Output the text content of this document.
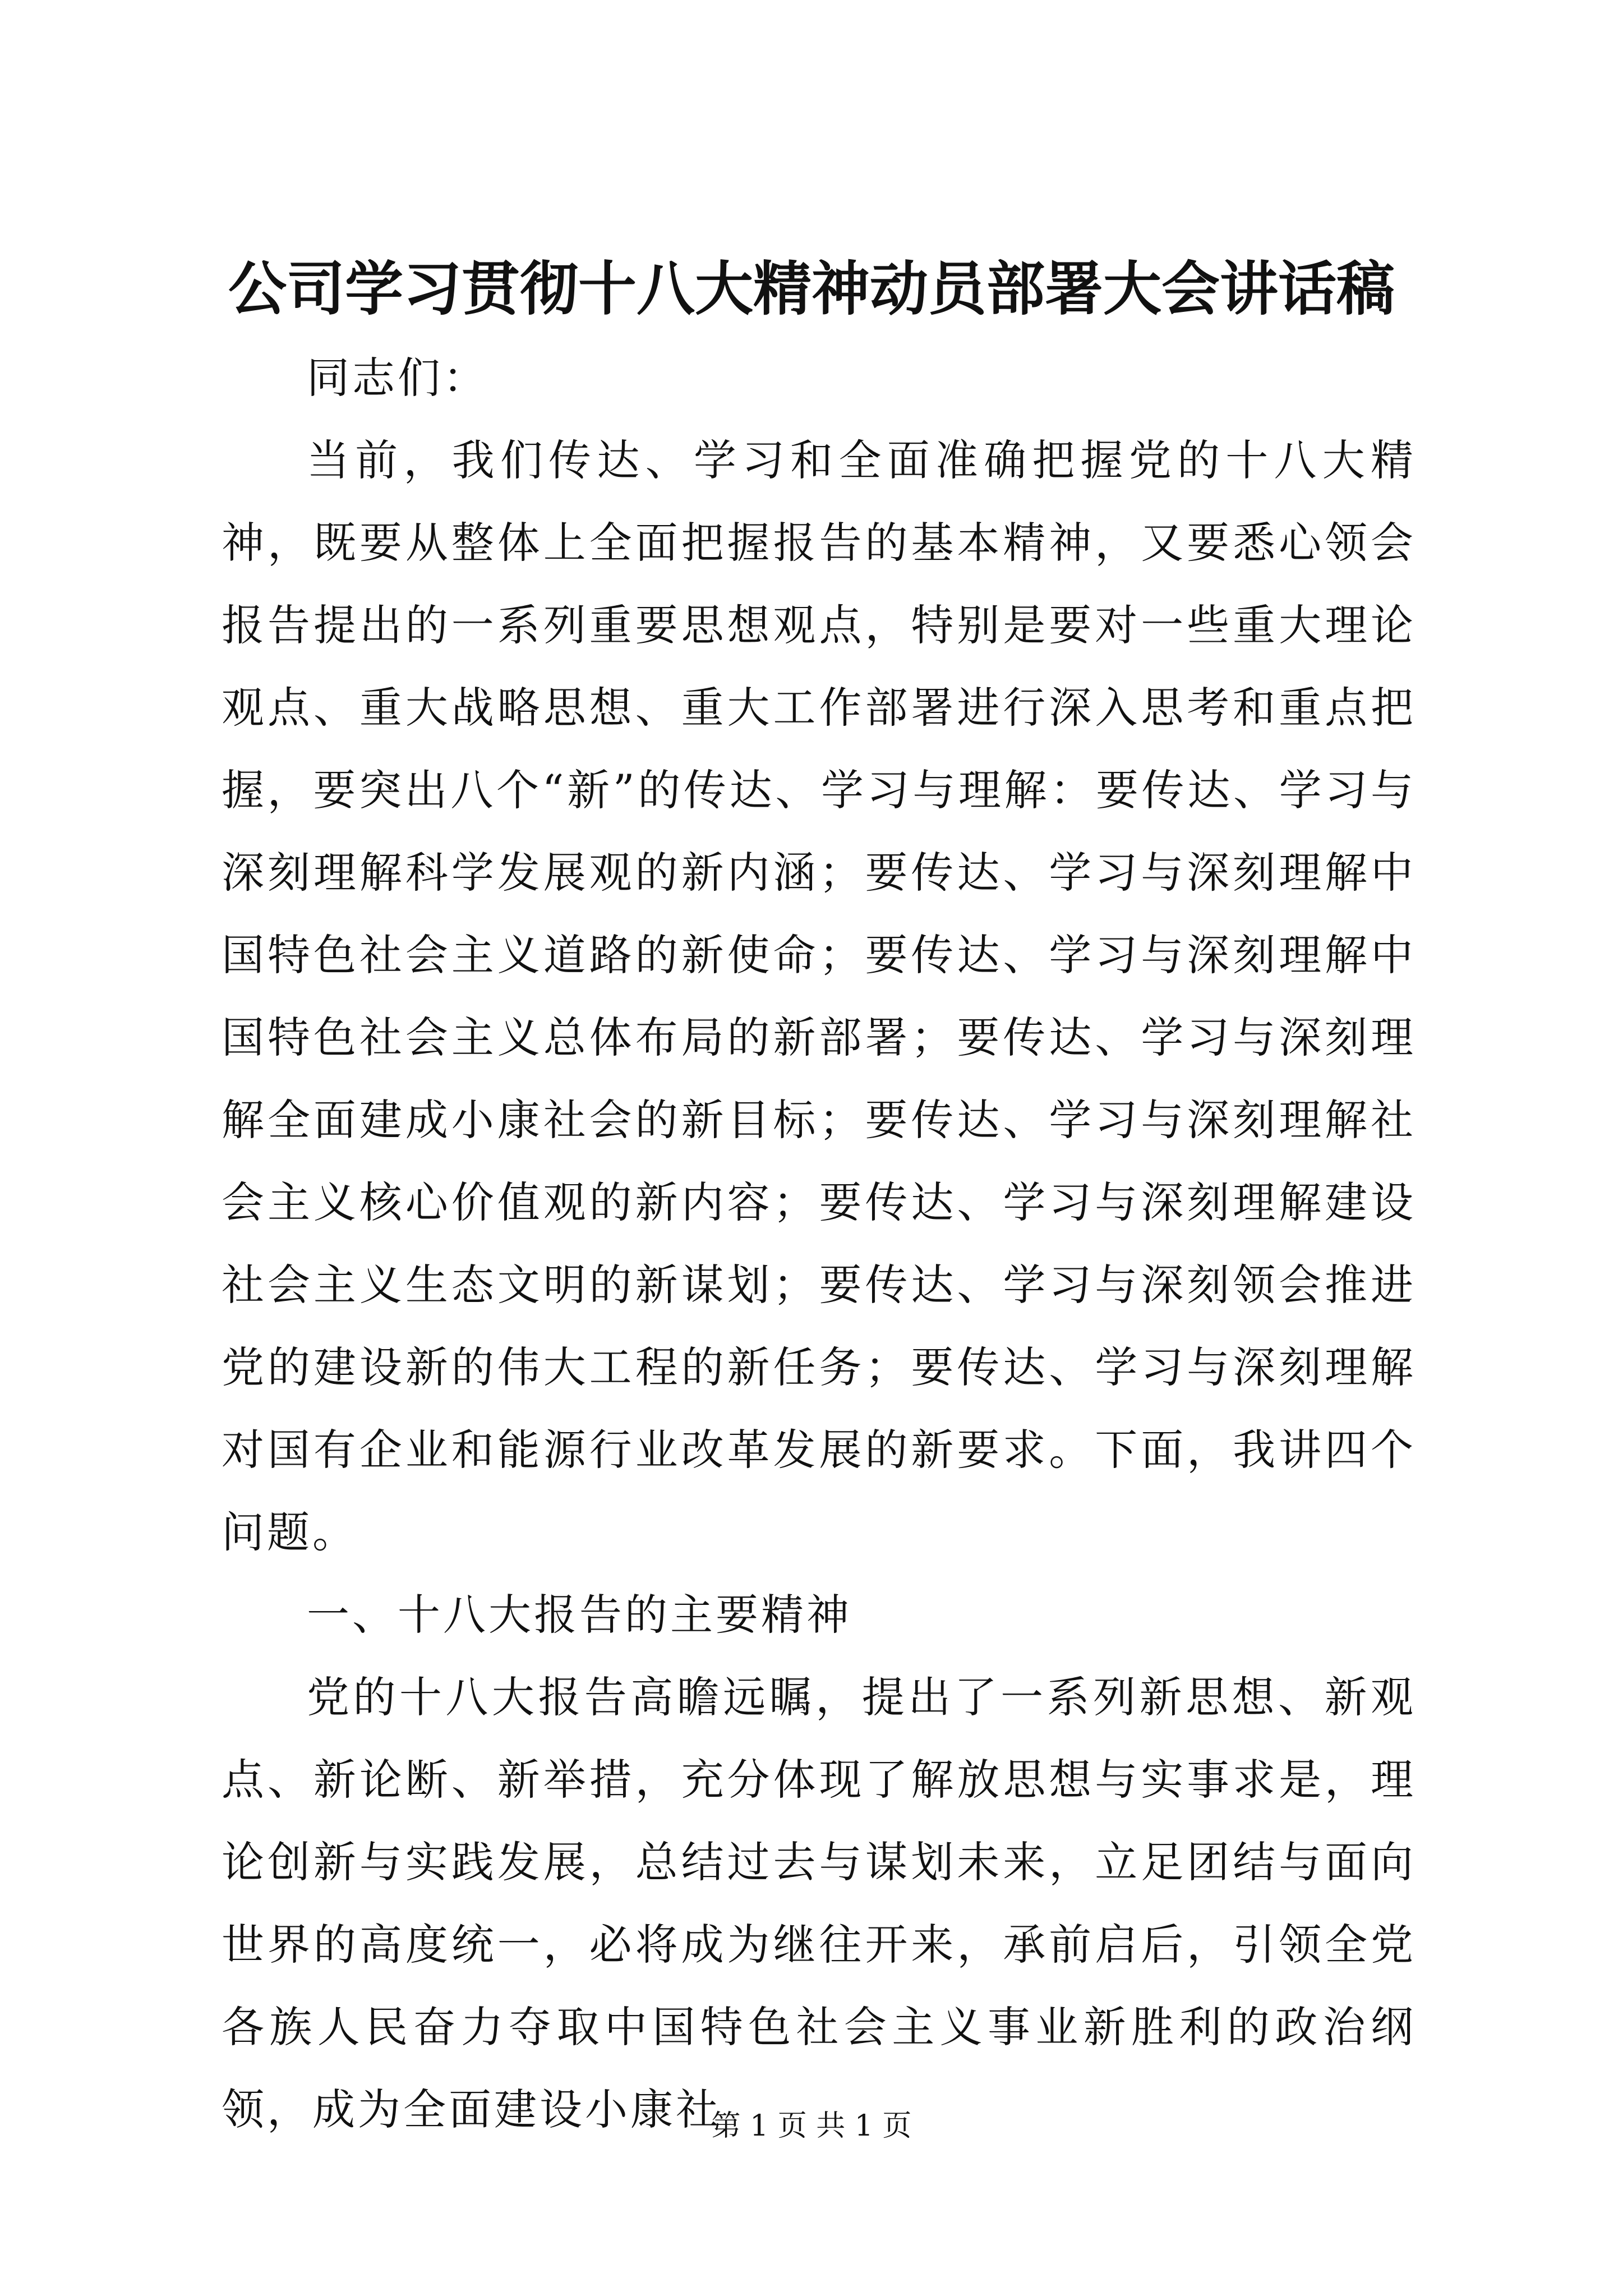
公司学习贯彻十八大精神动员部署大会讲话稿

同志们：

当前，我们传达、学习和全面准确把握党的十八大精神，既要从整体上全面把握报告的基本精神，又要悉心领会报告提出的一系列重要思想观点，特别是要对一些重大理论观点、重大战略思想、重大工作部署进行深入思考和重点把握，要突出八个“新”的传达、学习与理解：要传达、学习与深刻理解科学发展观的新内涵；要传达、学习与深刻理解中国特色社会主义道路的新使命；要传达、学习与深刻理解中国特色社会主义总体布局的新部署；要传达、学习与深刻理解全面建成小康社会的新目标；要传达、学习与深刻理解社会主义核心价值观的新内容；要传达、学习与深刻理解建设社会主义生态文明的新谋划；要传达、学习与深刻领会推进党的建设新的伟大工程的新任务；要传达、学习与深刻理解对国有企业和能源行业改革发展的新要求。下面，我讲四个问题。

一、十八大报告的主要精神

党的十八大报告高瞻远瞩，提出了一系列新思想、新观点、新论断、新举措，充分体现了解放思想与实事求是，理论创新与实践发展，总结过去与谋划未来，立足团结与面向世界的高度统一，必将成为继往开来，承前启后，引领全党各族人民奋力夺取中国特色社会主义事业新胜利的政治纲领，成为全面建设小康社

第 1 页 共 1 页
